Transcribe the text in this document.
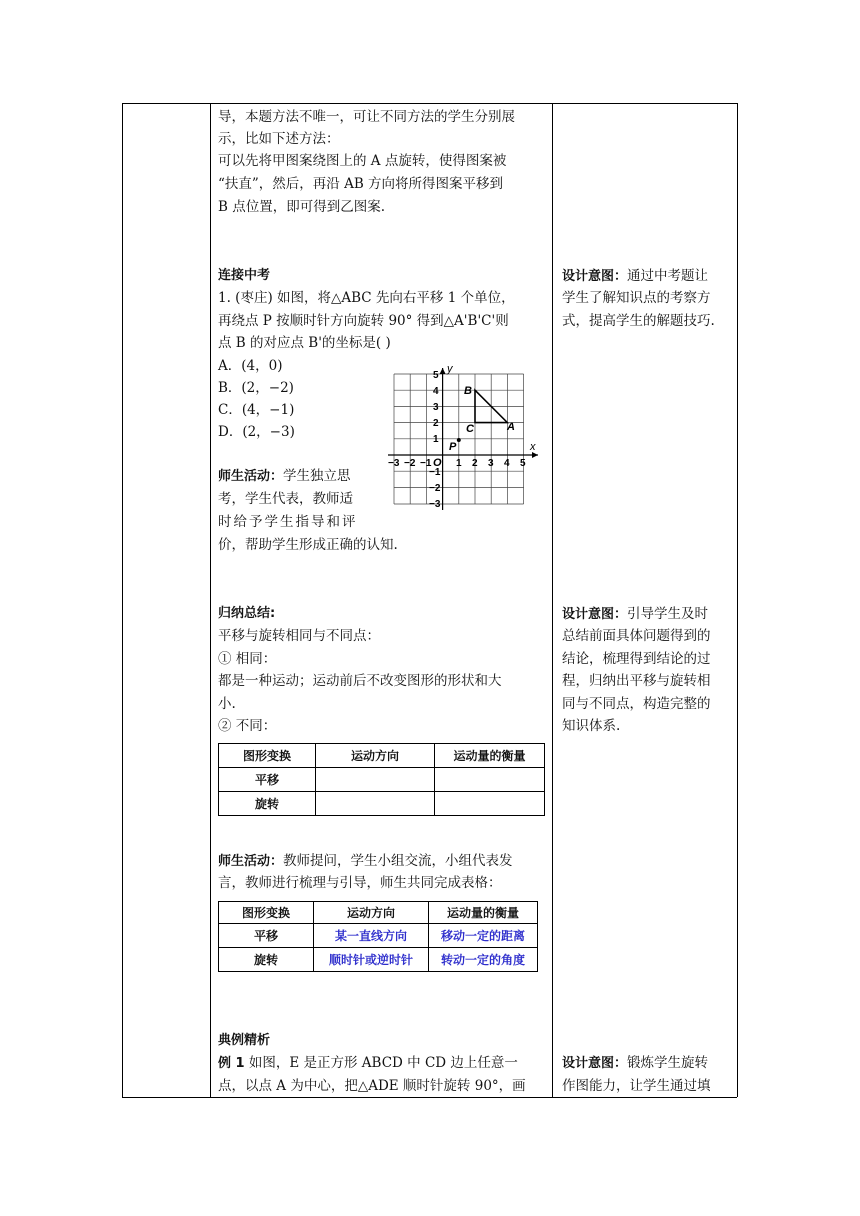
导，本题方法不唯一，可让不同方法的学生分别展
示，比如下述方法：
可以先将甲图案绕图上的 A 点旋转，使得图案被
“扶直”，然后，再沿 AB 方向将所得图案平移到
B 点位置，即可得到乙图案.
连接中考
1. (枣庄) 如图，将△ABC 先向右平移 1 个单位，
再绕点 P 按顺时针方向旋转 90° 得到△A'B'C'则
点 B 的对应点 B'的坐标是( )
A．(4，0)
B．(2，−2)
C．(4，−1)
D．(2，−3)
师生活动：学生独立思
考，学生代表，教师适
时给予学生指导和评
价，帮助学生形成正确的认知.
设计意图：通过中考题让
学生了解知识点的考察方
式，提高学生的解题技巧.
x
y
O
−3 −2 −1 1 2 3 4 5
5
4
3
2
1
−1
−2
−3
B
C	A
P
归纳总结:
平移与旋转相同与不同点：
① 相同：
都是一种运动；运动前后不改变图形的形状和大
小.
② 不同：
图形变换	运动方向	运动量的衡量
平移		
旋转		
师生活动：教师提问，学生小组交流，小组代表发
言，教师进行梳理与引导，师生共同完成表格：
图形变换	运动方向	运动量的衡量
平移	某一直线方向	移动一定的距离
旋转	顺时针或逆时针	转动一定的角度
设计意图：引导学生及时
总结前面具体问题得到的
结论，梳理得到结论的过
程，归纳出平移与旋转相
同与不同点，构造完整的
知识体系.
典例精析
例 1 如图，E 是正方形 ABCD 中 CD 边上任意一
点，以点 A 为中心，把△ADE 顺时针旋转 90°，画
设计意图：锻炼学生旋转
作图能力，让学生通过填
